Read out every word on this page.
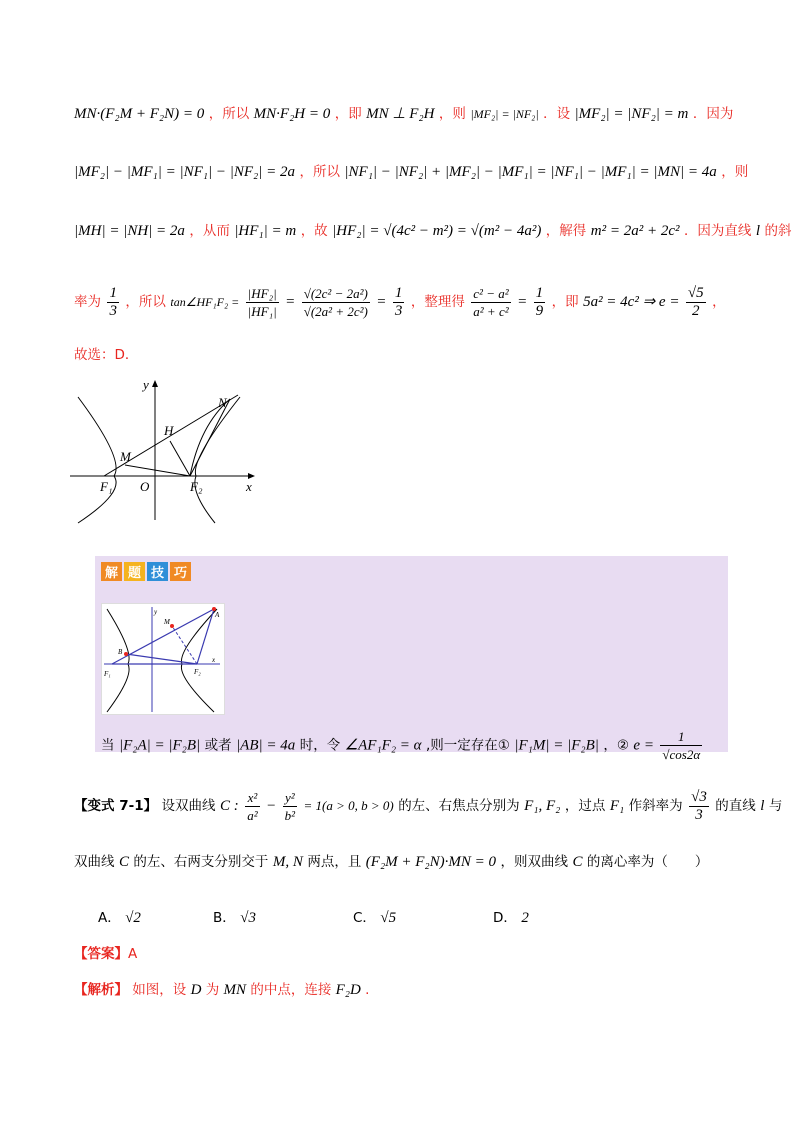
MN·(F₂M + F₂N) = 0 ，所以 MN·F₂H = 0 ，即 MN ⊥ F₂H ，则 |MF₂| = |NF₂| ．设 |MF₂| = |NF₂| = m ．因为
|MF₂| − |MF₁| = |NF₁| − |NF₂| = 2a ，所以 |NF₁| − |NF₂| + |MF₂| − |MF₁| = |NF₁| − |MF₁| = |MN| = 4a ，则
|MH| = |NH| = 2a ，从而 |HF₁| = m ，故 |HF₂| = √(4c² − m²) = √(m² − 4a²) ，解得 m² = 2a² + 2c² ．因为直线 l 的斜
率为 $\frac{1}{3}$ ，所以 tan∠HF₁F₂ = $\frac{\text{|HF₂|}}{\text{|HF₁|}} = \frac{\text{√(2c² − 2a²)}}{\text{√(2a² + 2c²)}} = \frac{1}{3}$ ，整理得 $\frac{\text{c² − a²}}{\text{a² + c²}} = \frac{1}{9}$ ，即 5a² = 4c² ⇒ $e = \frac{√5}{2}$ ，
故选：D．
y
x
N
H
M
F₁ O	F₂
解 题 技 巧
y	A
M
B
F₁	F₂
x
当 |F₂A| = |F₂B| 或者 |AB| = 4a 时，令 ∠AF₁F₂ = α ,则一定存在① |F₁M| = |F₂B| ，② $e = \frac{1}{√\cos 2\alpha}$
【变式 7-1】 设双曲线 C : $\frac{\text{x²}}{\text{a²}} - \frac{\text{y²}}{\text{b²}} = 1(a > 0$, b > 0) 的左、右焦点分别为 F₁, F₂ ，过点 F₁ 作斜率为 $\frac{√3}{3}$ 的直线 l 与
双曲线 C 的左、右两支分别交于 M, N 两点，且 (F₂M + F₂N)·MN = 0 ，则双曲线 C 的离心率为（　　）
A． √2	B． √3	C． √5	D． 2
【答案】A
【解析】 如图，设 D 为 MN 的中点，连接 F₂D .
